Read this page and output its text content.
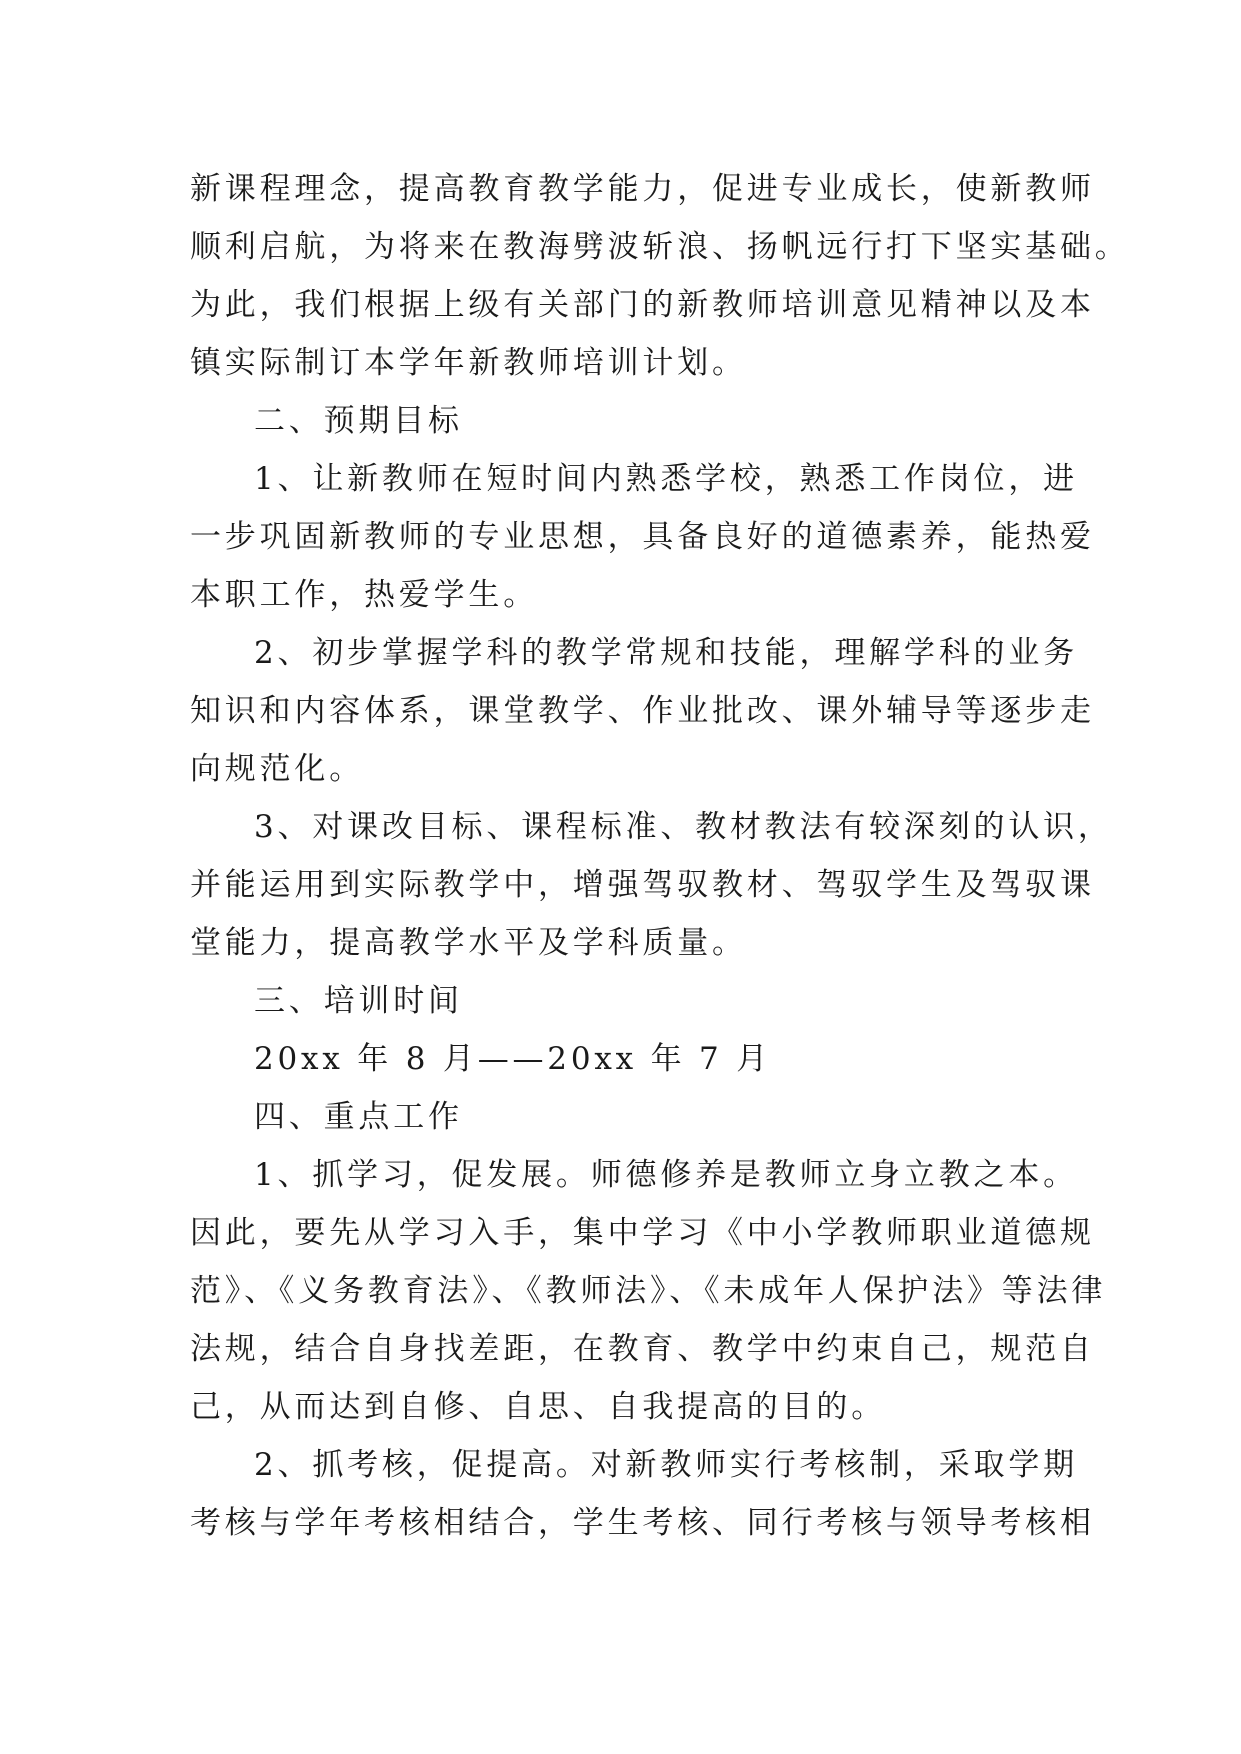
新课程理念，提高教育教学能力，促进专业成长，使新教师
顺利启航，为将来在教海劈波斩浪、扬帆远行打下坚实基础。
为此，我们根据上级有关部门的新教师培训意见精神以及本
镇实际制订本学年新教师培训计划。
二、预期目标
1、让新教师在短时间内熟悉学校，熟悉工作岗位，进
一步巩固新教师的专业思想，具备良好的道德素养，能热爱
本职工作，热爱学生。
2、初步掌握学科的教学常规和技能，理解学科的业务
知识和内容体系，课堂教学、作业批改、课外辅导等逐步走
向规范化。
3、对课改目标、课程标准、教材教法有较深刻的认识，
并能运用到实际教学中，增强驾驭教材、驾驭学生及驾驭课
堂能力，提高教学水平及学科质量。
三、培训时间
20xx 年 8 月——20xx 年 7 月
四、重点工作
1、抓学习，促发展。师德修养是教师立身立教之本。
因此，要先从学习入手，集中学习《中小学教师职业道德规
范》、《义务教育法》、《教师法》、《未成年人保护法》等法律
法规，结合自身找差距，在教育、教学中约束自己，规范自
己，从而达到自修、自思、自我提高的目的。
2、抓考核，促提高。对新教师实行考核制，采取学期
考核与学年考核相结合，学生考核、同行考核与领导考核相
